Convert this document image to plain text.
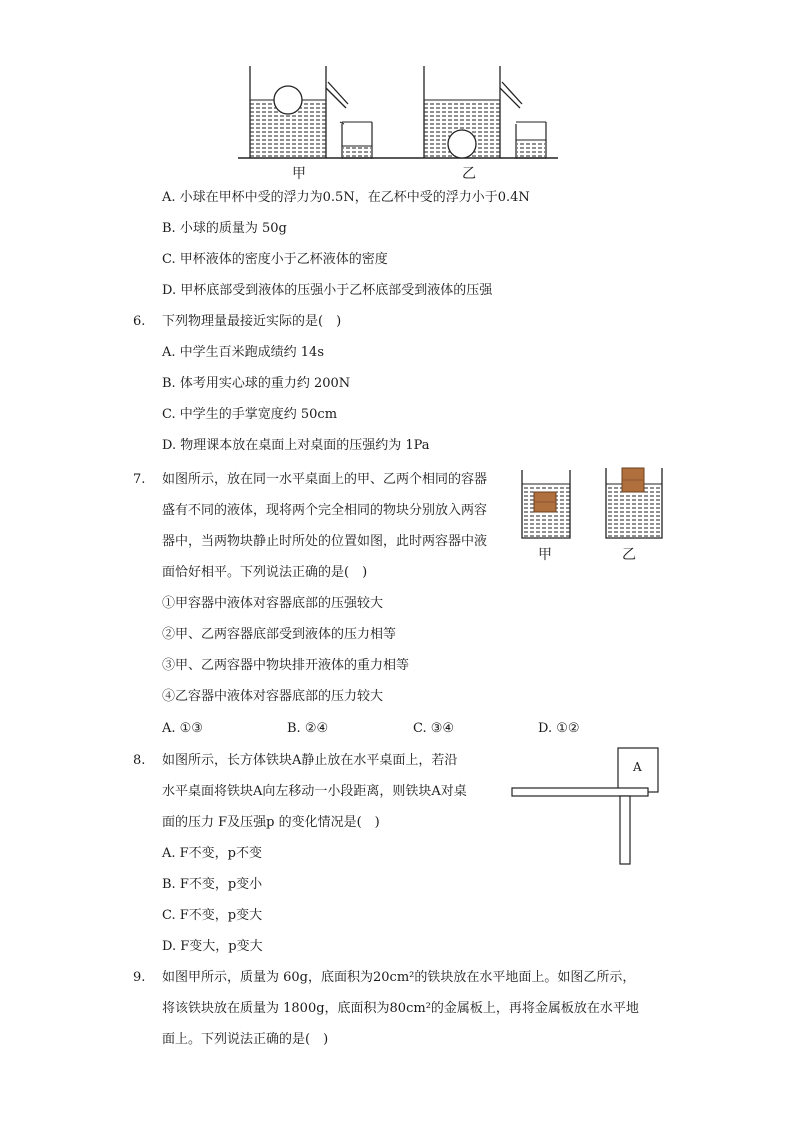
甲	乙
A. 小球在甲杯中受的浮力为0.5N，在乙杯中受的浮力小于0.4N
B. 小球的质量为 50g
C. 甲杯液体的密度小于乙杯液体的密度
D. 甲杯底部受到液体的压强小于乙杯底部受到液体的压强
6. 下列物理量最接近实际的是(　)
A. 中学生百米跑成绩约 14s
B. 体考用实心球的重力约 200N
C. 中学生的手掌宽度约 50cm
D. 物理课本放在桌面上对桌面的压强约为 1Pa
7. 如图所示，放在同一水平桌面上的甲、乙两个相同的容器
盛有不同的液体，现将两个完全相同的物块分别放入两容
器中，当两物块静止时所处的位置如图，此时两容器中液
面恰好相平。下列说法正确的是(　)
①甲容器中液体对容器底部的压强较大
②甲、乙两容器底部受到液体的压力相等
③甲、乙两容器中物块排开液体的重力相等
④乙容器中液体对容器底部的压力较大
A. ①③	B. ②④	C. ③④	D. ①②
甲	乙
8. 如图所示，长方体铁块A静止放在水平桌面上，若沿
水平桌面将铁块A向左移动一小段距离，则铁块A对桌
面的压力 F及压强p 的变化情况是(　)
A. F不变，p不变
B. F不变，p变小
C. F不变，p变大
D. F变大，p变大
A
9. 如图甲所示，质量为 60g，底面积为20cm²的铁块放在水平地面上。如图乙所示，
将该铁块放在质量为 1800g，底面积为80cm²的金属板上，再将金属板放在水平地
面上。下列说法正确的是(　)
